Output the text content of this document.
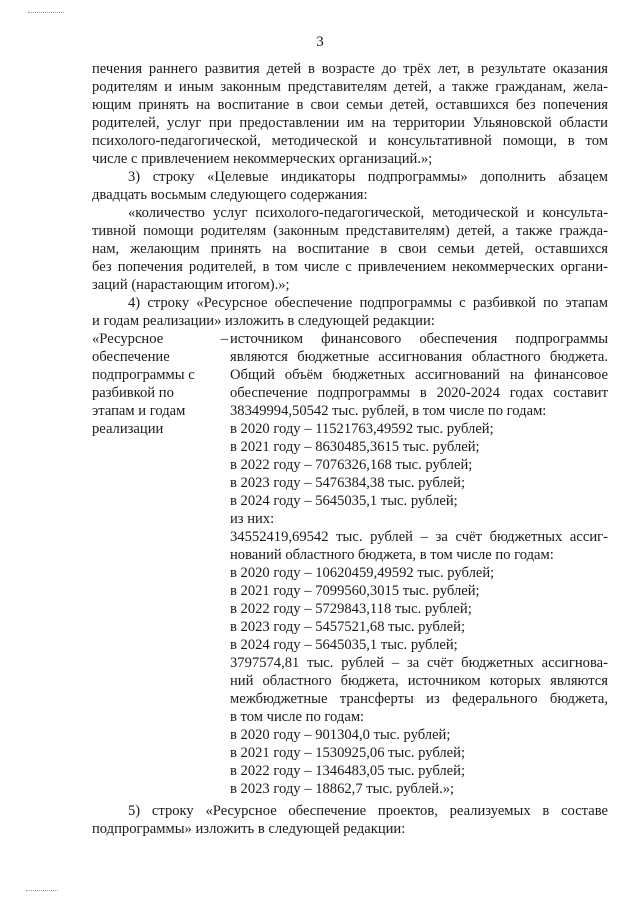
3
печения раннего развития детей в возрасте до трёх лет, в результате оказания
родителям и иным законным представителям детей, а также гражданам, жела-
ющим принять на воспитание в свои семьи детей, оставшихся без попечения
родителей, услуг при предоставлении им на территории Ульяновской области
психолого-педагогической, методической и консультативной помощи, в том
числе с привлечением некоммерческих организаций.»;
3) строку «Целевые индикаторы подпрограммы» дополнить абзацем
двадцать восьмым следующего содержания:
«количество услуг психолого-педагогической, методической и консульта-
тивной помощи родителям (законным представителям) детей, а также гражда-
нам, желающим принять на воспитание в свои семьи детей, оставшихся
без попечения родителей, в том числе с привлечением некоммерческих органи-
заций (нарастающим итогом).»;
4) строку «Ресурсное обеспечение подпрограммы с разбивкой по этапам
и годам реализации» изложить в следующей редакции:
«Ресурсное
обеспечение
подпрограммы с
разбивкой по
этапам и годам
реализации
– источником финансового обеспечения подпрограммы
являются бюджетные ассигнования областного бюджета.
Общий объём бюджетных ассигнований на финансовое
обеспечение подпрограммы в 2020-2024 годах составит
38349994,50542 тыс. рублей, в том числе по годам:
в 2020 году – 11521763,49592 тыс. рублей;
в 2021 году – 8630485,3615 тыс. рублей;
в 2022 году – 7076326,168 тыс. рублей;
в 2023 году – 5476384,38 тыс. рублей;
в 2024 году – 5645035,1 тыс. рублей;
из них:
34552419,69542 тыс. рублей – за счёт бюджетных ассиг-
нований областного бюджета, в том числе по годам:
в 2020 году – 10620459,49592 тыс. рублей;
в 2021 году – 7099560,3015 тыс. рублей;
в 2022 году – 5729843,118 тыс. рублей;
в 2023 году – 5457521,68 тыс. рублей;
в 2024 году – 5645035,1 тыс. рублей;
3797574,81 тыс. рублей – за счёт бюджетных ассигнова-
ний областного бюджета, источником которых являются
межбюджетные трансферты из федерального бюджета,
в том числе по годам:
в 2020 году – 901304,0 тыс. рублей;
в 2021 году – 1530925,06 тыс. рублей;
в 2022 году – 1346483,05 тыс. рублей;
в 2023 году – 18862,7 тыс. рублей.»;
5) строку «Ресурсное обеспечение проектов, реализуемых в составе
подпрограммы» изложить в следующей редакции:
